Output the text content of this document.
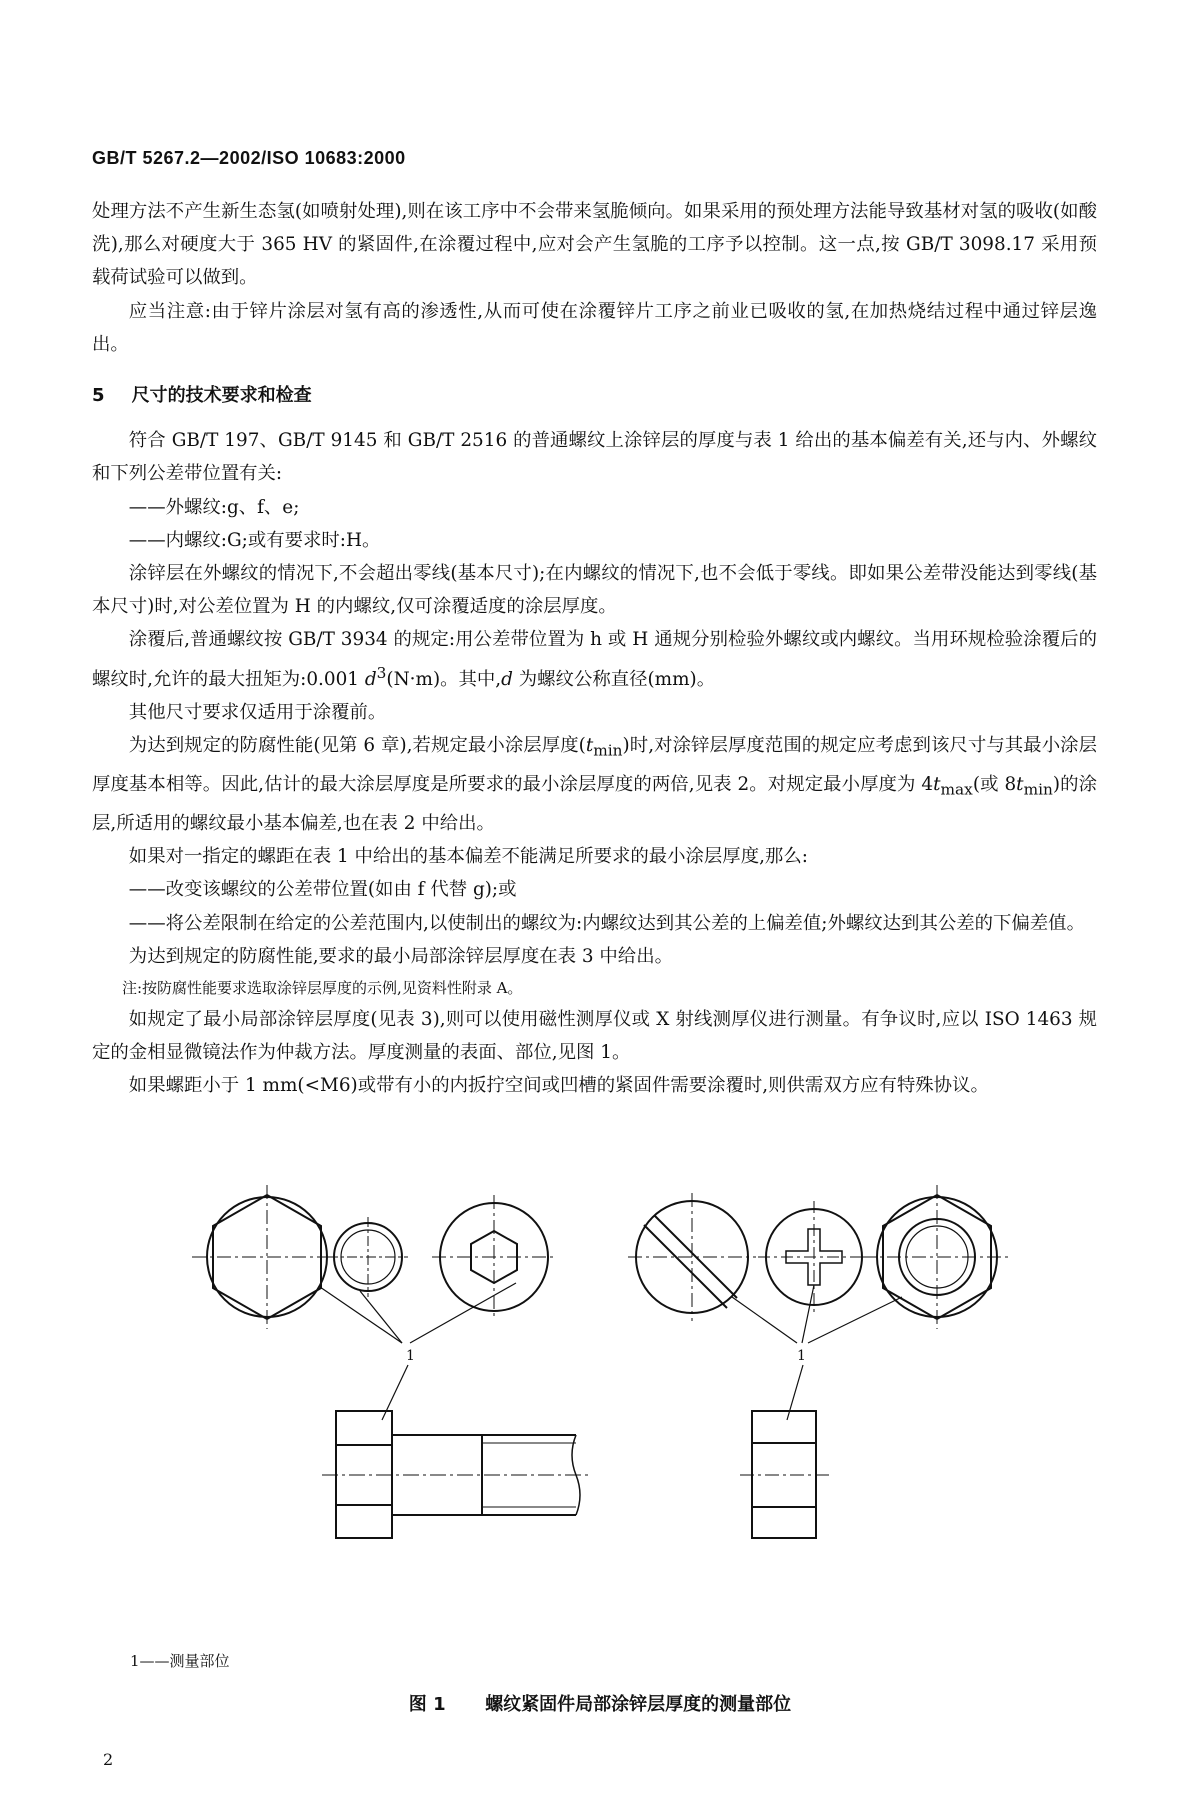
GB/T 5267.2—2002/ISO 10683:2000

处理方法不产生新生态氢(如喷射处理),则在该工序中不会带来氢脆倾向。如果采用的预处理方法能导致基材对氢的吸收(如酸洗),那么对硬度大于 365 HV 的紧固件,在涂覆过程中,应对会产生氢脆的工序予以控制。这一点,按 GB/T 3098.17 采用预载荷试验可以做到。

应当注意:由于锌片涂层对氢有高的渗透性,从而可使在涂覆锌片工序之前业已吸收的氢,在加热烧结过程中通过锌层逸出。

5 尺寸的技术要求和检查

符合 GB/T 197、GB/T 9145 和 GB/T 2516 的普通螺纹上涂锌层的厚度与表 1 给出的基本偏差有关,还与内、外螺纹和下列公差带位置有关:

——外螺纹:g、f、e;

——内螺纹:G;或有要求时:H。

涂锌层在外螺纹的情况下,不会超出零线(基本尺寸);在内螺纹的情况下,也不会低于零线。即如果公差带没能达到零线(基本尺寸)时,对公差位置为 H 的内螺纹,仅可涂覆适度的涂层厚度。

涂覆后,普通螺纹按 GB/T 3934 的规定:用公差带位置为 h 或 H 通规分别检验外螺纹或内螺纹。当用环规检验涂覆后的螺纹时,允许的最大扭矩为:0.001 $d^3(N\cdot m)$。其中,d 为螺纹公称直径(mm)。

其他尺寸要求仅适用于涂覆前。

为达到规定的防腐性能(见第 6 章),若规定最小涂层厚度$(t_{min})$时,对涂锌层厚度范围的规定应考虑到该尺寸与其最小涂层厚度基本相等。因此,估计的最大涂层厚度是所要求的最小涂层厚度的两倍,见表 2。对规定最小厚度为 $4t_{max}$(或 $8t_{min}$)的涂层,所适用的螺纹最小基本偏差,也在表 2 中给出。

如果对一指定的螺距在表 1 中给出的基本偏差不能满足所要求的最小涂层厚度,那么:

——改变该螺纹的公差带位置(如由 f 代替 g);或

——将公差限制在给定的公差范围内,以使制出的螺纹为:内螺纹达到其公差的上偏差值;外螺纹达到其公差的下偏差值。

为达到规定的防腐性能,要求的最小局部涂锌层厚度在表 3 中给出。

注:按防腐性能要求选取涂锌层厚度的示例,见资料性附录 A。

如规定了最小局部涂锌层厚度(见表 3),则可以使用磁性测厚仪或 X 射线测厚仪进行测量。有争议时,应以 ISO 1463 规定的金相显微镜法作为仲裁方法。厚度测量的表面、部位,见图 1。

如果螺距小于 1 mm(<M6)或带有小的内扳拧空间或凹槽的紧固件需要涂覆时,则供需双方应有特殊协议。

1	1
1——测量部位
图 1 螺纹紧固件局部涂锌层厚度的测量部位
2
